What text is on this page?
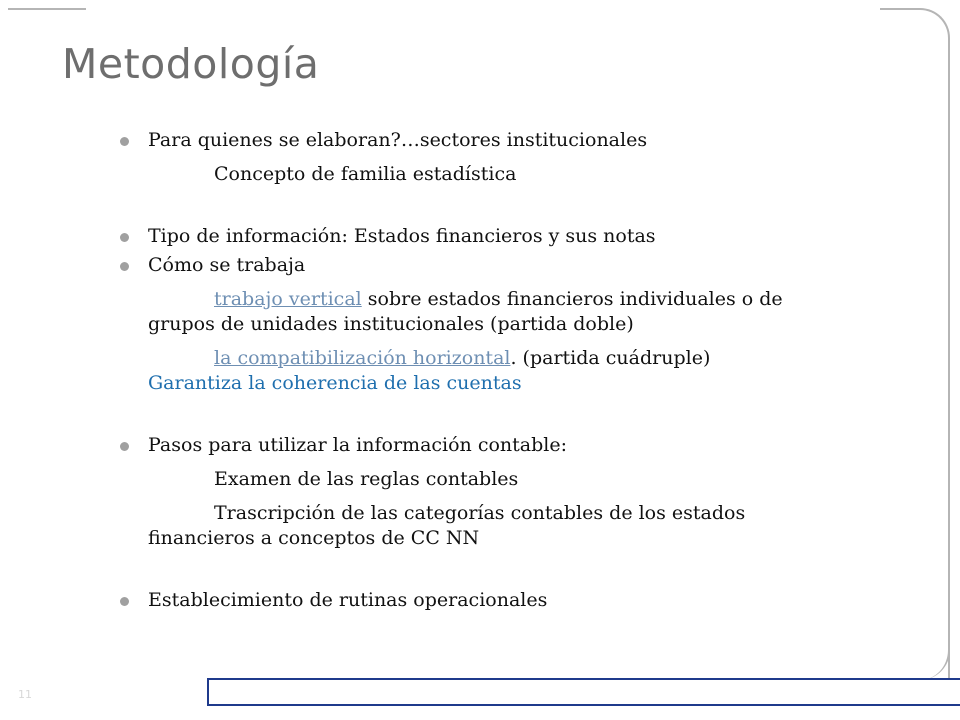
Metodología
Para quienes se elaboran?…sectores institucionales
Concepto de familia estadística
Tipo de información: Estados financieros y sus notas
Cómo se trabaja
trabajo vertical sobre estados financieros individuales o de grupos de unidades institucionales (partida doble)
la compatibilización horizontal. (partida cuádruple)
Garantiza la coherencia de las cuentas
Pasos para utilizar la información contable:
Examen de las reglas contables
Trascripción de las categorías contables de los estados financieros a conceptos de CC NN
Establecimiento de rutinas operacionales
11
